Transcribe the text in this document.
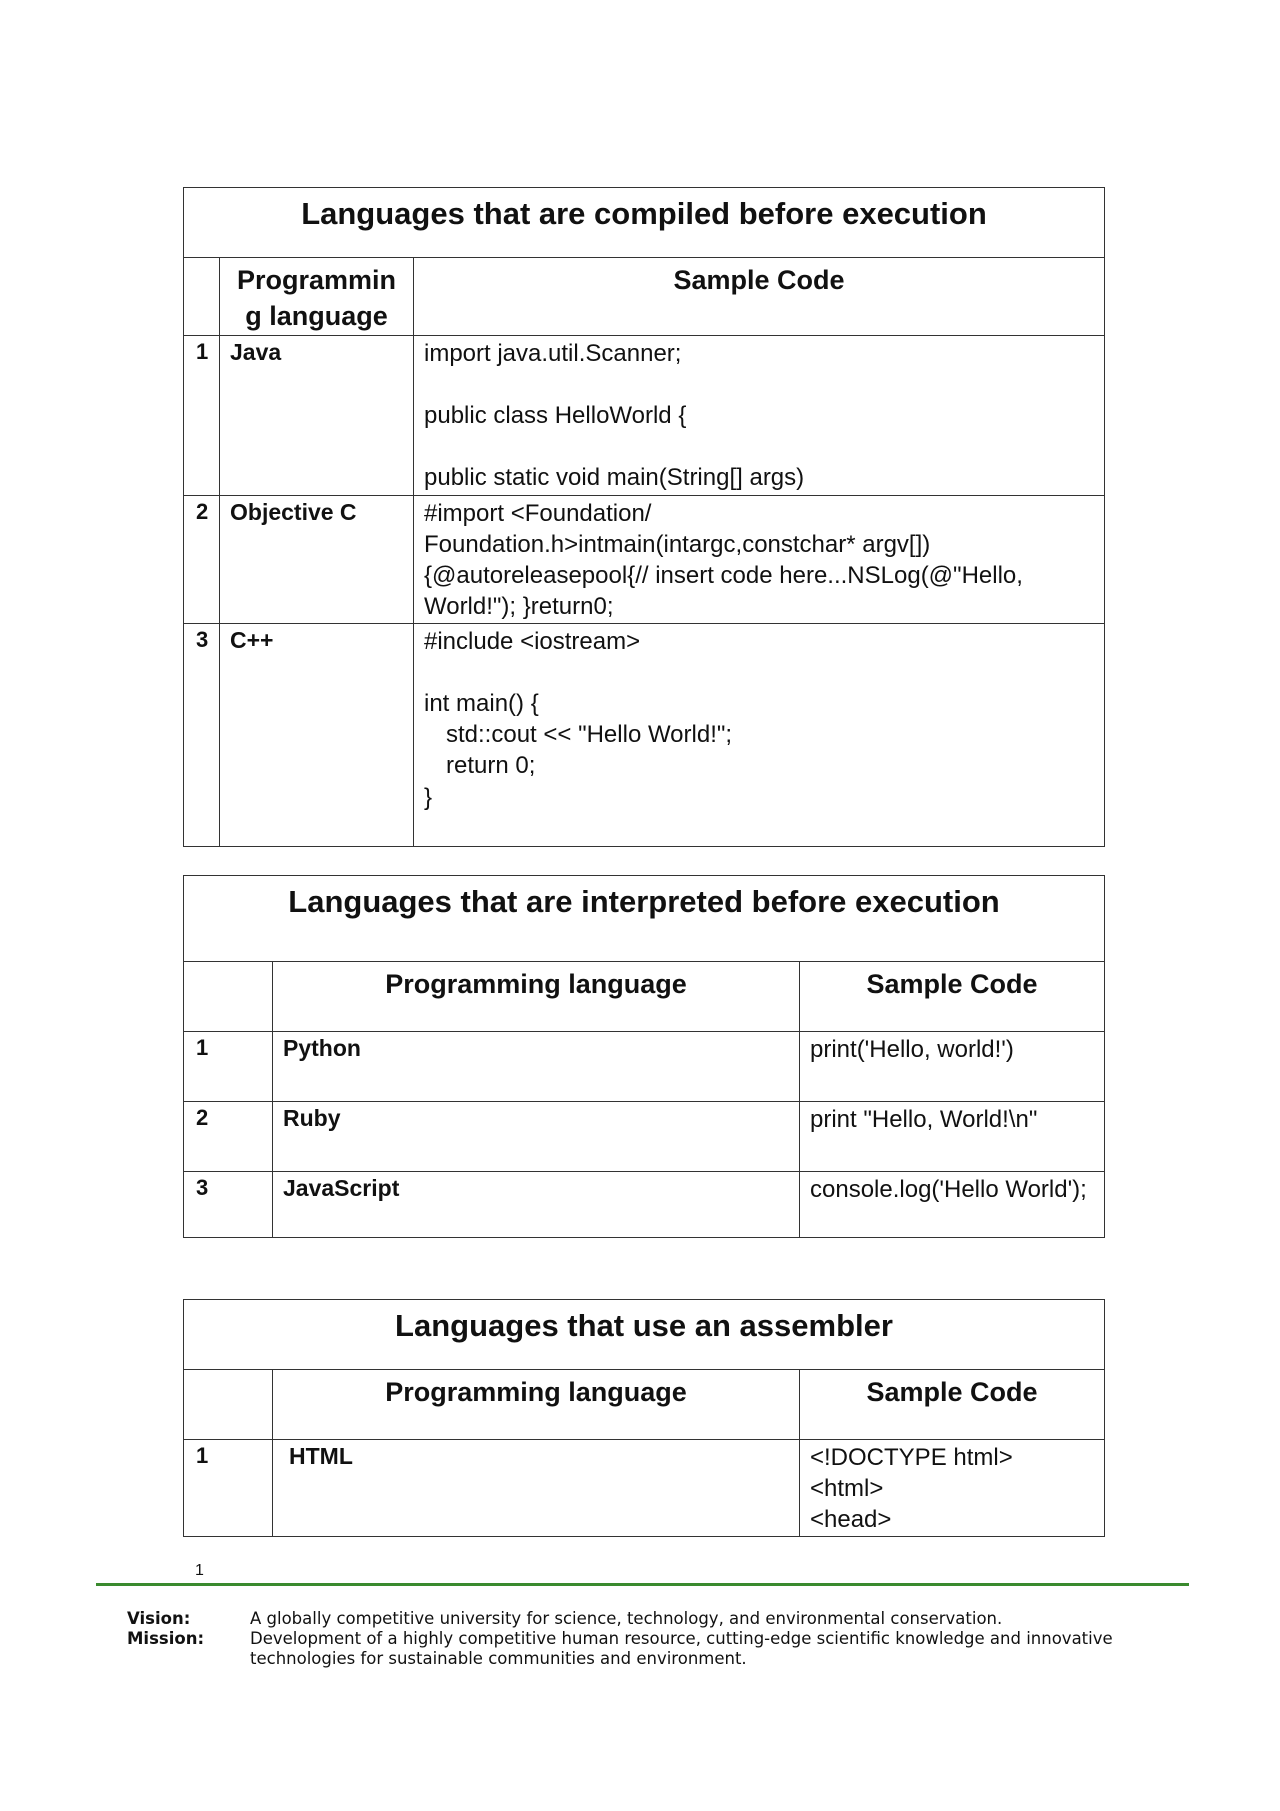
Languages that are compiled before execution		
	Programmin g language	Sample Code
1	Java	import java.util.Scanner;
public class HelloWorld {
public static void main(String[] args)

2	Objective C	#import <Foundation/ Foundation.h>intmain(intargc,constchar* argv[]){@autoreleasepool{// insert code here...NSLog(@"Hello, World!"); }return0;

3	C++	#include <iostream>
int main() {
std::cout << "Hello World!";
return 0;
}
Languages that are interpreted before execution		
	Programming language	Sample Code
1	Python	print('Hello, world!')
2	Ruby	print "Hello, World!\n"
3	JavaScript	console.log('Hello World');
Languages that use an assembler		
	Programming language	Sample Code
1	HTML	<!DOCTYPE html>
<html>
<head>
1
Vision:	A globally competitive university for science, technology, and environmental conservation.
Mission:	Development of a highly competitive human resource, cutting-edge scientific knowledge and innovative technologies for sustainable communities and environment.
